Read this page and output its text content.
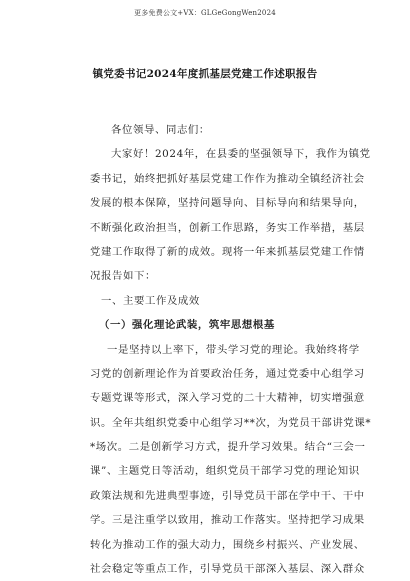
更多免费公文+VX：GLGeGongWen2024
镇党委书记2024年度抓基层党建工作述职报告
各位领导、同志们：
大家好！2024年，在县委的坚强领导下，我作为镇党
委书记，始终把抓好基层党建工作作为推动全镇经济社会
发展的根本保障，坚持问题导向、目标导向和结果导向，
不断强化政治担当，创新工作思路，务实工作举措，基层
党建工作取得了新的成效。现将一年来抓基层党建工作情
况报告如下：
一、主要工作及成效
（一）强化理论武装，筑牢思想根基
一是坚持以上率下，带头学习党的理论。我始终将学
习党的创新理论作为首要政治任务，通过党委中心组学习
专题党课等形式，深入学习党的二十大精神，切实增强意
识。全年共组织党委中心组学习**次，为党员干部讲党课*
*场次。二是创新学习方式，提升学习效果。结合“三会一
课”、主题党日等活动，组织党员干部学习党的理论知识
政策法规和先进典型事迹，引导党员干部在学中干、干中
学。三是注重学以致用，推动工作落实。坚持把学习成果
转化为推动工作的强大动力，围绕乡村振兴、产业发展、
社会稳定等重点工作，引导党员干部深入基层、深入群众
